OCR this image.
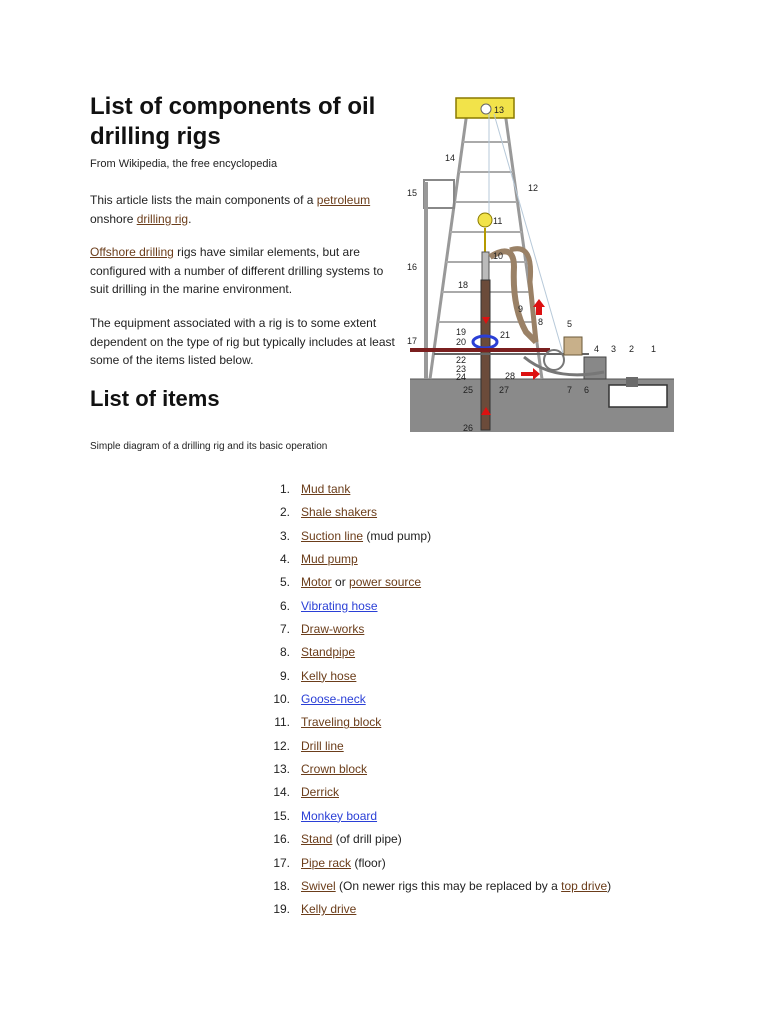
List of components of oil drilling rigs
From Wikipedia, the free encyclopedia

This article lists the main components of a petroleum onshore drilling rig.

Offshore drilling rigs have similar elements, but are configured with a number of different drilling systems to suit drilling in the marine environment.

The equipment associated with a rig is to some extent dependent on the type of rig but typically includes at least some of the items listed below.

List of items
1
2
3
4
5
6
7
8
9
10
11
12
13
14
15
16
17
18
19
20
21
22
23
24
25
26
27
28
Simple diagram of a drilling rig and its basic operation
1. Mud tank
2. Shale shakers
3. Suction line (mud pump)
4. Mud pump
5. Motor or power source
6. Vibrating hose
7. Draw-works
8. Standpipe
9. Kelly hose
10. Goose-neck
11. Traveling block
12. Drill line
13. Crown block
14. Derrick
15. Monkey board
16. Stand (of drill pipe)
17. Pipe rack (floor)
18. Swivel (On newer rigs this may be replaced by a top drive)
19. Kelly drive
